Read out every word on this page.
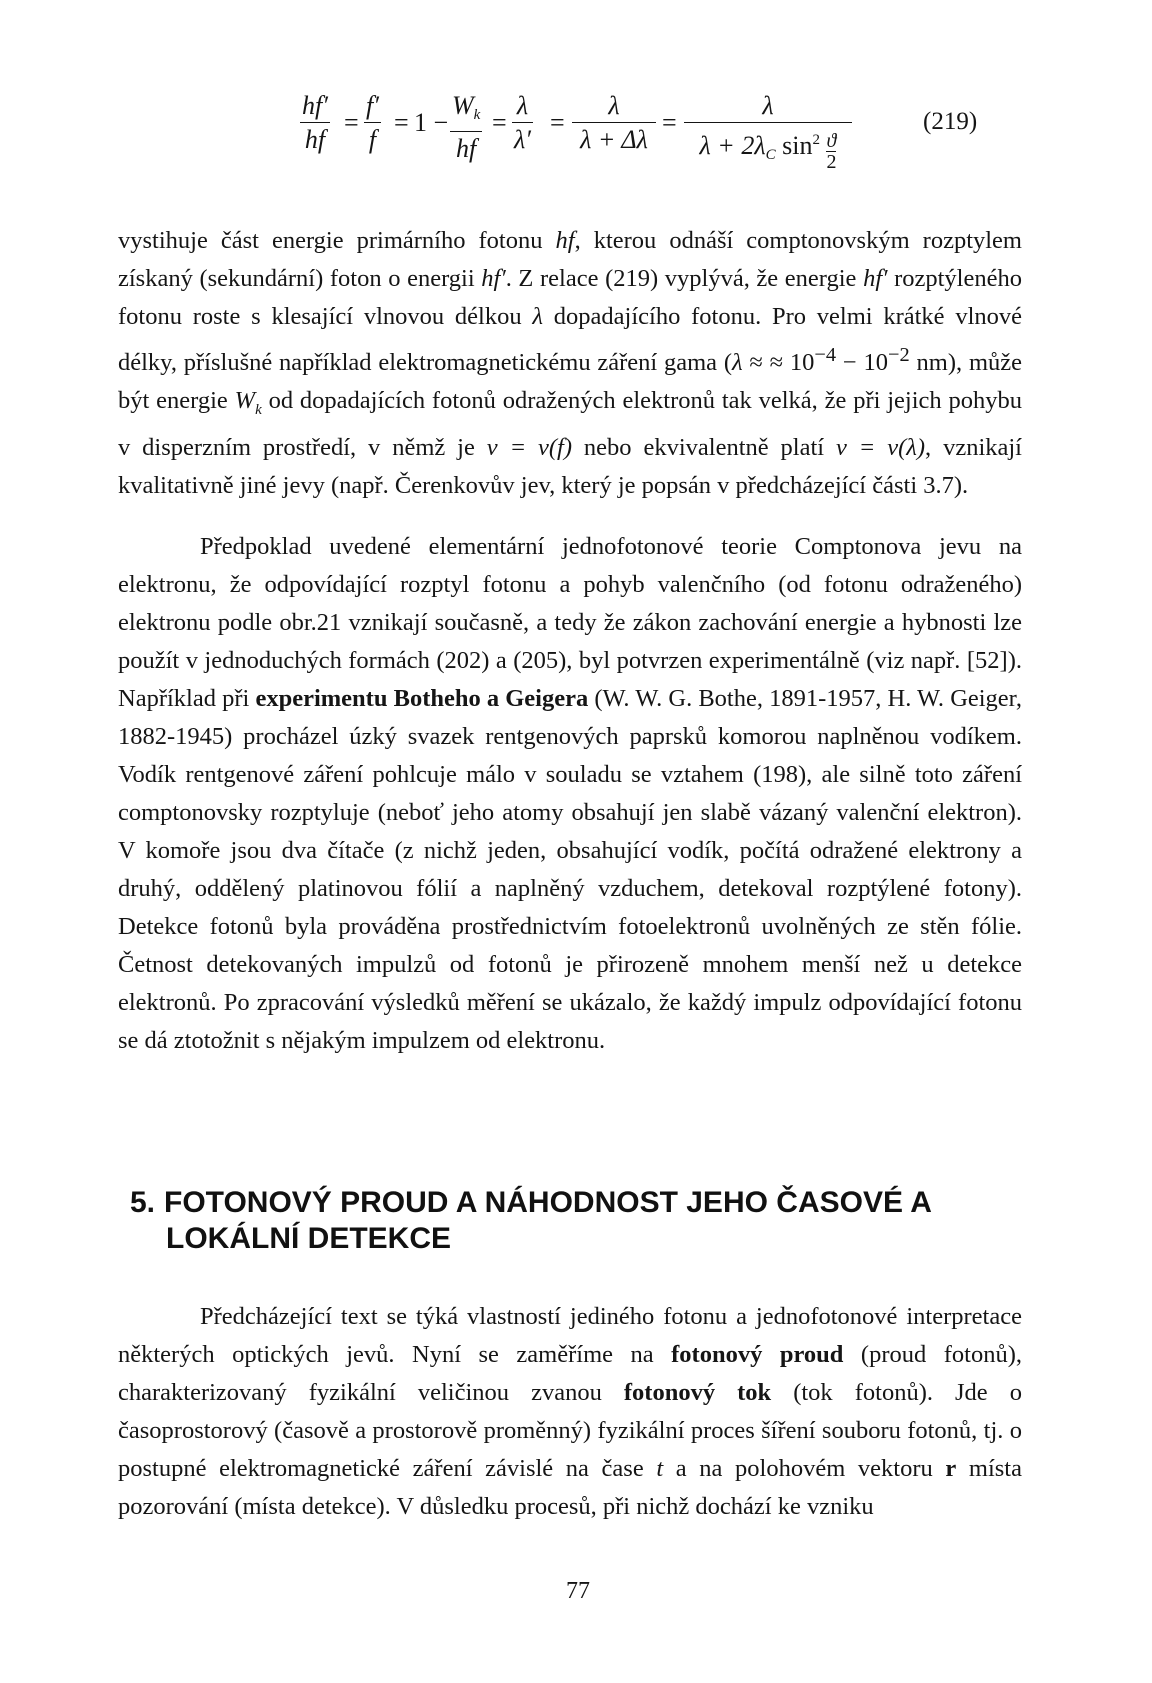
hf′
hf
=
f′
f
= 1 −
$W_k$
hf
=
λ
λ′
=
λ
λ + Δλ
=
λ
$\lambda + 2\lambda_C$ $\sin^2 \frac{ϑ}{2}$
(219)

vystihuje část energie primárního fotonu hf, kterou odnáší comptonovským rozptylem získaný (sekundární) foton o energii hf′. Z relace (219) vyplývá, že energie hf′ rozptýleného fotonu roste s klesající vlnovou délkou λ dopadajícího fotonu. Pro velmi krátké vlnové délky, příslušné například elektromagnetickému záření gama (λ ≈ ≈ $10^{-4} - 10^{-2}$ nm), může být energie $W_k$ od dopadajících fotonů odražených elektronů tak velká, že při jejich pohybu v disperzním prostředí, v němž je v = v(f) nebo ekvivalentně platí v = v(λ), vznikají kvalitativně jiné jevy (např. Čerenkovův jev, který je popsán v předcházející části 3.7).

Předpoklad uvedené elementární jednofotonové teorie Comptonova jevu na elektronu, že odpovídající rozptyl fotonu a pohyb valenčního (od fotonu odraženého) elektronu podle obr.21 vznikají současně, a tedy že zákon zachování energie a hybnosti lze použít v jednoduchých formách (202) a (205), byl potvrzen experimentálně (viz např. [52]). Například při experimentu Botheho a Geigera (W. W. G. Bothe, 1891-1957, H. W. Geiger, 1882-1945) procházel úzký svazek rentgenových paprsků komorou naplněnou vodíkem. Vodík rentgenové záření pohlcuje málo v souladu se vztahem (198), ale silně toto záření comptonovsky rozptyluje (neboť jeho atomy obsahují jen slabě vázaný valenční elektron). V komoře jsou dva čítače (z nichž jeden, obsahující vodík, počítá odražené elektrony a druhý, oddělený platinovou fólií a naplněný vzduchem, detekoval rozptýlené fotony). Detekce fotonů byla prováděna prostřednictvím fotoelektronů uvolněných ze stěn fólie. Četnost detekovaných impulzů od fotonů je přirozeně mnohem menší než u detekce elektronů. Po zpracování výsledků měření se ukázalo, že každý impulz odpovídající fotonu se dá ztotožnit s nějakým impulzem od elektronu.

5. FOTONOVÝ PROUD A NÁHODNOST JEHO ČASOVÉ A
LOKÁLNÍ DETEKCE

Předcházející text se týká vlastností jediného fotonu a jednofotonové interpretace některých optických jevů. Nyní se zaměříme na fotonový proud (proud fotonů), charakterizovaný fyzikální veličinou zvanou fotonový tok (tok fotonů). Jde o časoprostorový (časově a prostorově proměnný) fyzikální proces šíření souboru fotonů, tj. o postupné elektromagnetické záření závislé na čase t a na polohovém vektoru r místa pozorování (místa detekce). V důsledku procesů, při nichž dochází ke vzniku

77
